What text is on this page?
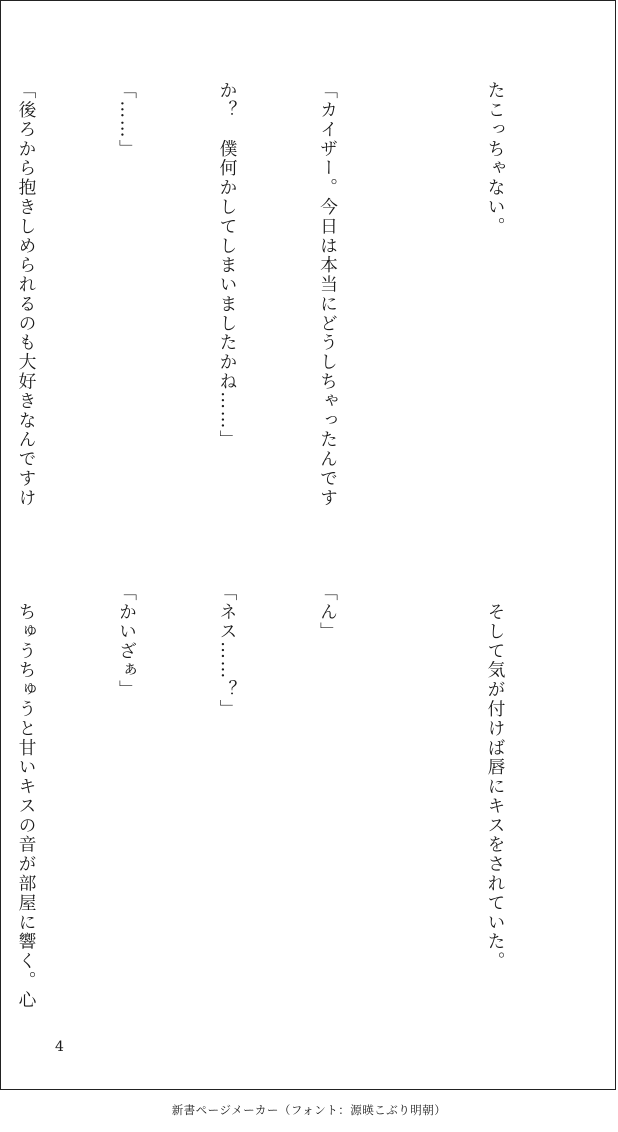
たこっちゃない。

「カイザー。今日は本当にどうしちゃったんです

か？　僕何かしてしまいましたかね……」

「……」

「後ろから抱きしめられるのも大好きなんですけ

　そして気が付けば唇にキスをされていた。

「ん」

「ネス……？」

「かいざぁ」

　ちゅうちゅうと甘いキスの音が部屋に響く。心

4
新書ページメーカー（フォント：源暎こぶり明朝）
